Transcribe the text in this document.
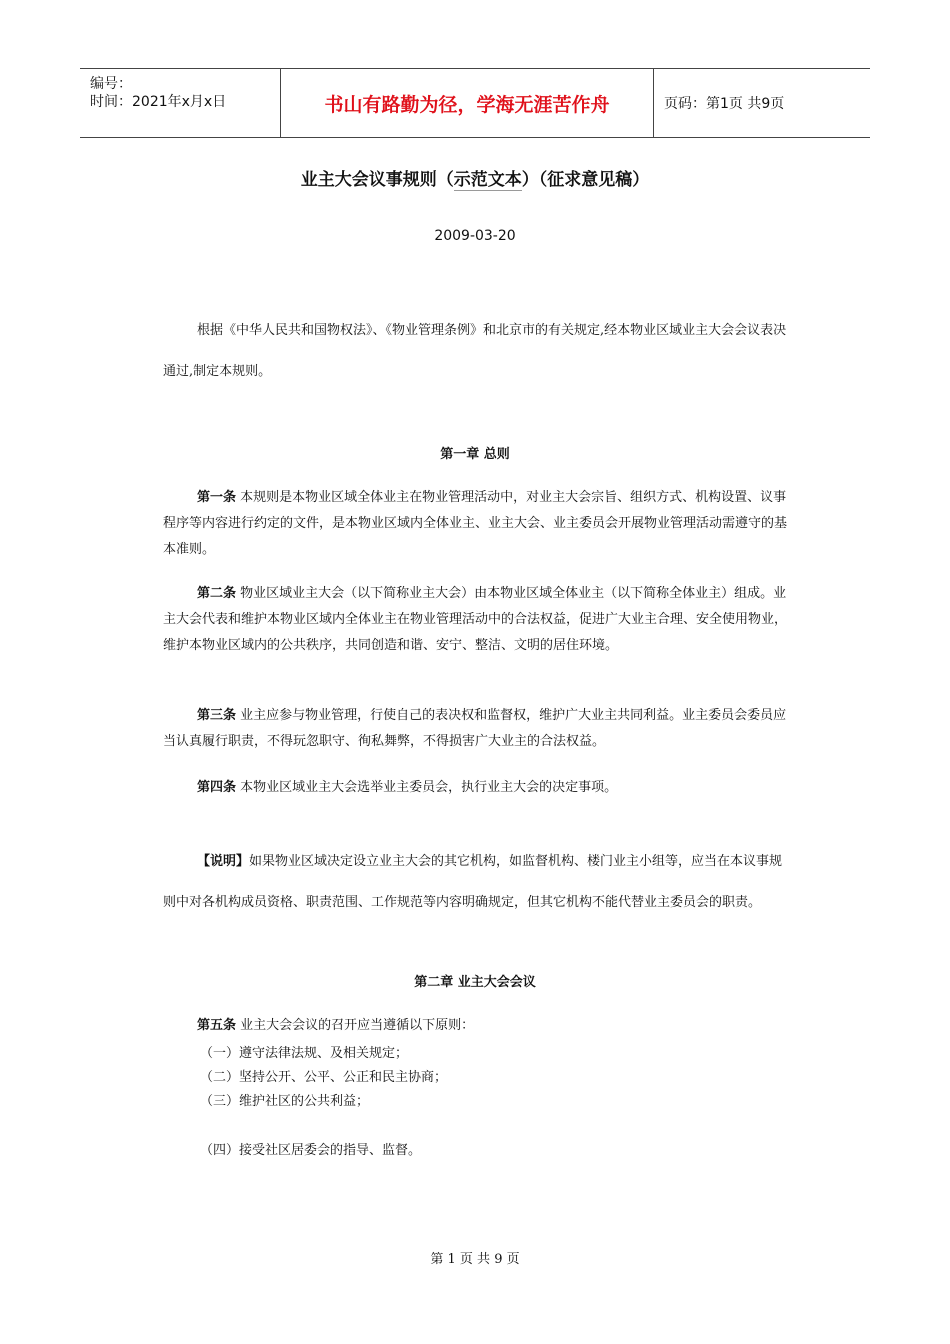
编号：
时间：2021年x月x日	书山有路勤为径，学海无涯苦作舟	页码：第1页 共9页
业主大会议事规则（示范文本）（征求意见稿）
2009-03-20
根据《中华人民共和国物权法》、《物业管理条例》和北京市的有关规定,经本物业区域业主大会会议表决通过,制定本规则。
第一章 总则
第一条 本规则是本物业区域全体业主在物业管理活动中，对业主大会宗旨、组织方式、机构设置、议事程序等内容进行约定的文件，是本物业区域内全体业主、业主大会、业主委员会开展物业管理活动需遵守的基本准则。
第二条 物业区域业主大会（以下简称业主大会）由本物业区域全体业主（以下简称全体业主）组成。业主大会代表和维护本物业区域内全体业主在物业管理活动中的合法权益，促进广大业主合理、安全使用物业，维护本物业区域内的公共秩序，共同创造和谐、安宁、整洁、文明的居住环境。
第三条 业主应参与物业管理，行使自己的表决权和监督权，维护广大业主共同利益。业主委员会委员应当认真履行职责，不得玩忽职守、徇私舞弊，不得损害广大业主的合法权益。
第四条 本物业区域业主大会选举业主委员会，执行业主大会的决定事项。
【说明】如果物业区域决定设立业主大会的其它机构，如监督机构、楼门业主小组等，应当在本议事规则中对各机构成员资格、职责范围、工作规范等内容明确规定，但其它机构不能代替业主委员会的职责。
第二章 业主大会会议
第五条 业主大会会议的召开应当遵循以下原则：
（一）遵守法律法规、及相关规定；
（二）坚持公开、公平、公正和民主协商；
（三）维护社区的公共利益；
（四）接受社区居委会的指导、监督。
第 1 页 共 9 页
